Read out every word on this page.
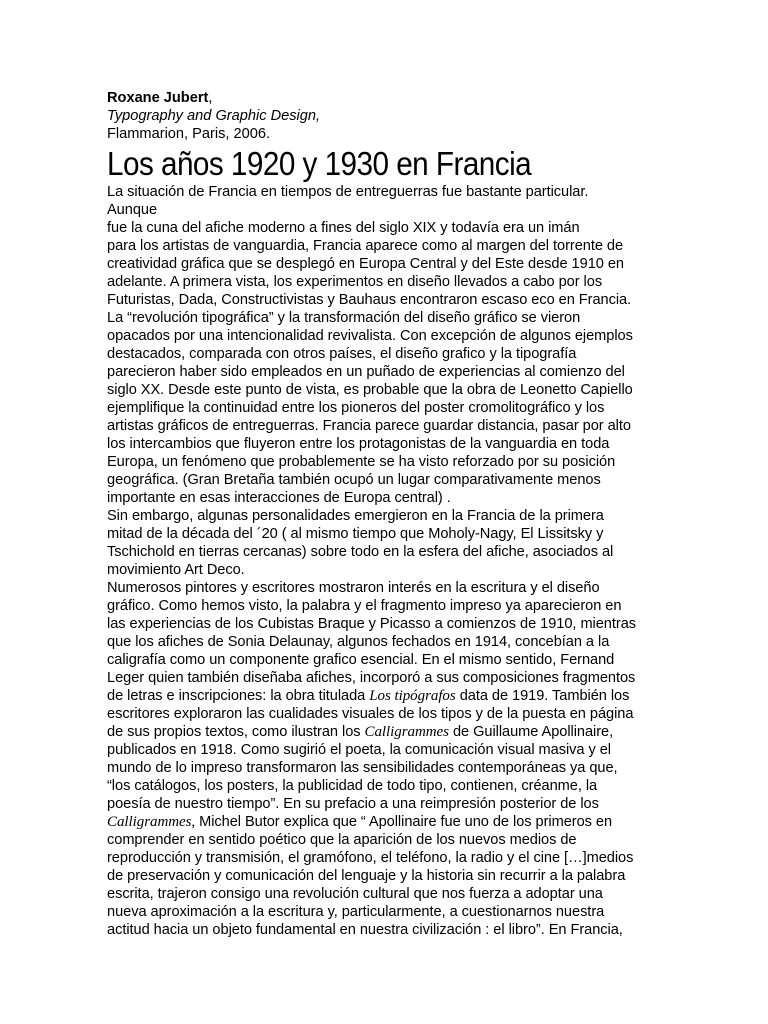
Roxane Jubert,
Typography and Graphic Design,
Flammarion, Paris, 2006.
Los años 1920 y 1930 en Francia
La situación de Francia en tiempos de entreguerras fue bastante particular.
Aunque
fue la cuna del afiche moderno a fines del siglo XIX y todavía era un imán
para los artistas de vanguardia, Francia aparece como al margen del torrente de
creatividad gráfica que se desplegó en Europa Central y del Este desde 1910 en
adelante. A primera vista, los experimentos en diseño llevados a cabo por los
Futuristas, Dada, Constructivistas y Bauhaus encontraron escaso eco en Francia.
La “revolución tipográfica” y la transformación del diseño gráfico se vieron
opacados por una intencionalidad revivalista. Con excepción de algunos ejemplos
destacados, comparada con otros países, el diseño grafico y la tipografía
parecieron haber sido empleados en un puñado de experiencias al comienzo del
siglo XX. Desde este punto de vista, es probable que la obra de Leonetto Capiello
ejemplifique la continuidad entre los pioneros del poster cromolitográfico y los
artistas gráficos de entreguerras. Francia parece guardar distancia, pasar por alto
los intercambios que fluyeron entre los protagonistas de la vanguardia en toda
Europa, un fenómeno que probablemente se ha visto reforzado por su posición
geográfica. (Gran Bretaña también ocupó un lugar comparativamente menos
importante en esas interacciones de Europa central) .
Sin embargo, algunas personalidades emergieron en la Francia de la primera
mitad de la década del ´20 ( al mismo tiempo que Moholy-Nagy, El Lissitsky y
Tschichold en tierras cercanas) sobre todo en la esfera del afiche, asociados al
movimiento Art Deco.
Numerosos pintores y escritores mostraron interés en la escritura y el diseño
gráfico. Como hemos visto, la palabra y el fragmento impreso ya aparecieron en
las experiencias de los Cubistas Braque y Picasso a comienzos de 1910, mientras
que los afiches de Sonia Delaunay, algunos fechados en 1914, concebían a la
caligrafía como un componente grafico esencial. En el mismo sentido, Fernand
Leger quien también diseñaba afiches, incorporó a sus composiciones fragmentos
de letras e inscripciones: la obra titulada Los tipógrafos data de 1919. También los
escritores exploraron las cualidades visuales de los tipos y de la puesta en página
de sus propios textos, como ilustran los Calligrammes de Guillaume Apollinaire,
publicados en 1918. Como sugirió el poeta, la comunicación visual masiva y el
mundo de lo impreso transformaron las sensibilidades contemporáneas ya que,
“los catálogos, los posters, la publicidad de todo tipo, contienen, créanme, la
poesía de nuestro tiempo”. En su prefacio a una reimpresión posterior de los
Calligrammes, Michel Butor explica que “ Apollinaire fue uno de los primeros en
comprender en sentido poético que la aparición de los nuevos medios de
reproducción y transmisión, el gramófono, el teléfono, la radio y el cine […]medios
de preservación y comunicación del lenguaje y la historia sin recurrir a la palabra
escrita, trajeron consigo una revolución cultural que nos fuerza a adoptar una
nueva aproximación a la escritura y, particularmente, a cuestionarnos nuestra
actitud hacia un objeto fundamental en nuestra civilización : el libro”. En Francia,
